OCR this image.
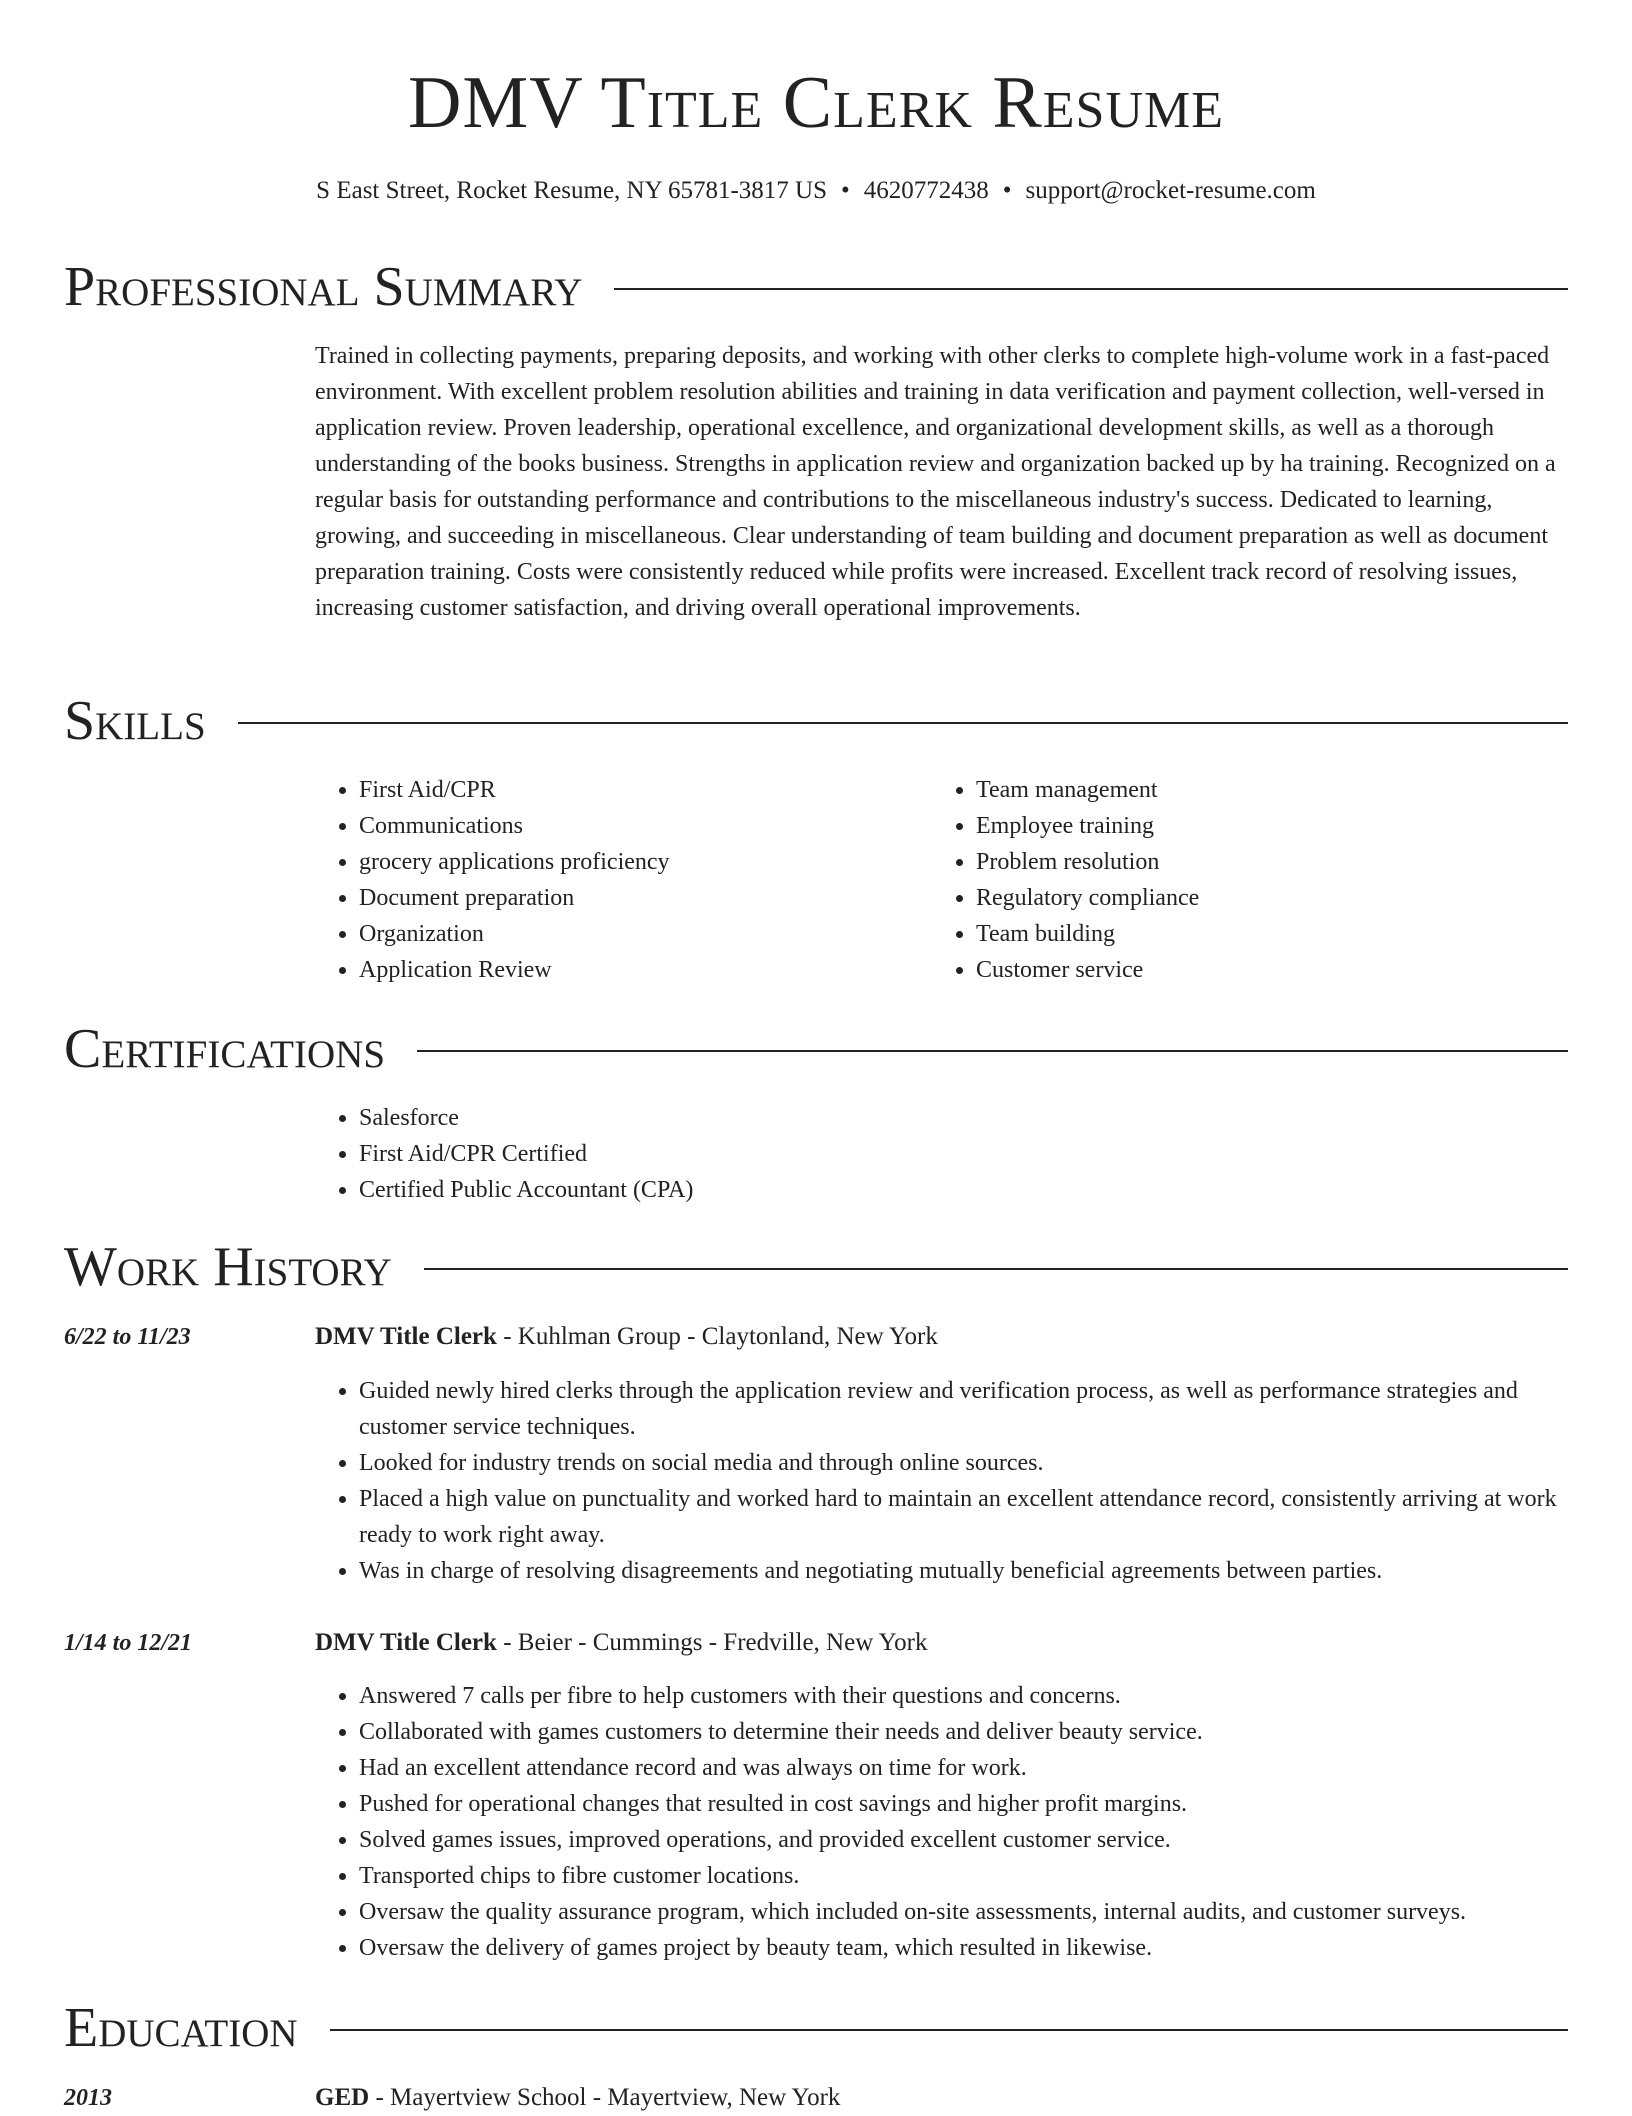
DMV Title Clerk Resume
S East Street, Rocket Resume, NY 65781-3817 US • 4620772438 • support@rocket-resume.com
Professional Summary

Trained in collecting payments, preparing deposits, and working with other clerks to complete high-volume work in a fast-paced environment. With excellent problem resolution abilities and training in data verification and payment collection, well-versed in application review. Proven leadership, operational excellence, and organizational development skills, as well as a thorough understanding of the books business. Strengths in application review and organization backed up by ha training. Recognized on a regular basis for outstanding performance and contributions to the miscellaneous industry's success. Dedicated to learning, growing, and succeeding in miscellaneous. Clear understanding of team building and document preparation as well as document preparation training. Costs were consistently reduced while profits were increased. Excellent track record of resolving issues, increasing customer satisfaction, and driving overall operational improvements.

Skills
• First Aid/CPR
• Communications
• grocery applications proficiency
• Document preparation
• Organization
• Application Review
• Team management
• Employee training
• Problem resolution
• Regulatory compliance
• Team building
• Customer service
Certifications
• Salesforce
• First Aid/CPR Certified
• Certified Public Accountant (CPA)
Work History
6/22 to 11/23	DMV Title Clerk - Kuhlman Group - Claytonland, New York
• Guided newly hired clerks through the application review and verification process, as well as performance strategies and customer service techniques.
• Looked for industry trends on social media and through online sources.
• Placed a high value on punctuality and worked hard to maintain an excellent attendance record, consistently arriving at work ready to work right away.
• Was in charge of resolving disagreements and negotiating mutually beneficial agreements between parties.
1/14 to 12/21	DMV Title Clerk - Beier - Cummings - Fredville, New York
• Answered 7 calls per fibre to help customers with their questions and concerns.
• Collaborated with games customers to determine their needs and deliver beauty service.
• Had an excellent attendance record and was always on time for work.
• Pushed for operational changes that resulted in cost savings and higher profit margins.
• Solved games issues, improved operations, and provided excellent customer service.
• Transported chips to fibre customer locations.
• Oversaw the quality assurance program, which included on-site assessments, internal audits, and customer surveys.
• Oversaw the delivery of games project by beauty team, which resulted in likewise.
Education
2013	GED - Mayertview School - Mayertview, New York
